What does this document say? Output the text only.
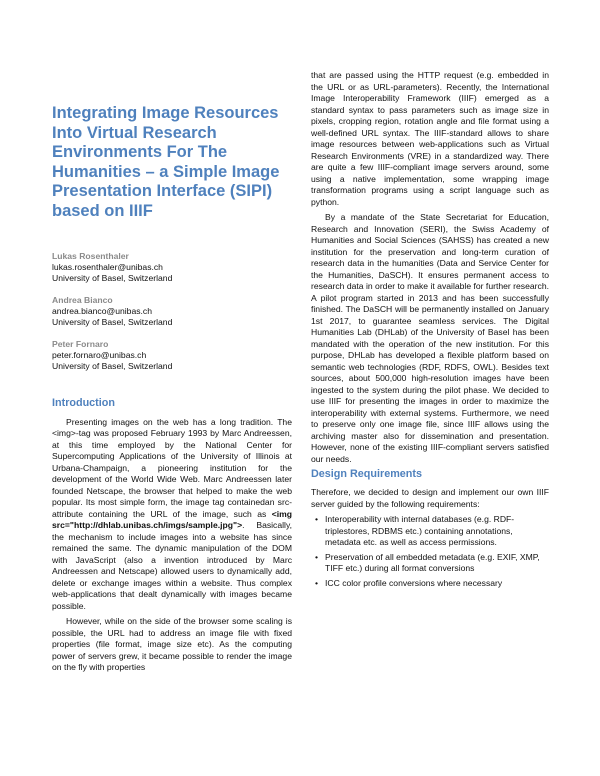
Integrating Image Resources Into Virtual Research Environments For The Humanities – a Simple Image Presentation Interface (SIPI) based on IIIF
Lukas Rosenthaler
lukas.rosenthaler@unibas.ch
University of Basel, Switzerland
Andrea Bianco
andrea.bianco@unibas.ch
University of Basel, Switzerland
Peter Fornaro
peter.fornaro@unibas.ch
University of Basel, Switzerland
Introduction

Presenting images on the web has a long tradition. The <img>-tag was proposed February 1993 by Marc Andreessen, at this time employed by the National Center for Supercomputing Applications of the University of Illinois at Urbana-Champaign, a pioneering institution for the development of the World Wide Web. Marc Andreessen later founded Netscape, the browser that helped to make the web popular. Its most simple form, the image tag containedan src-attribute containing the URL of the image, such as <img src="http://dhlab.unibas.ch/imgs/sample.jpg">. Basically, the mechanism to include images into a website has since remained the same. The dynamic manipulation of the DOM with JavaScript (also a invention introduced by Marc Andreessen and Netscape) allowed users to dynamically add, delete or exchange images within a website. Thus complex web-applications that dealt dynamically with images became possible.

However, while on the side of the browser some scaling is possible, the URL had to address an image file with fixed properties (file format, image size etc). As the computing power of servers grew, it became possible to render the image on the fly with properties

that are passed using the HTTP request (e.g. embedded in the URL or as URL-parameters). Recently, the International Image Interoperability Framework (IIIF) emerged as a standard syntax to pass parameters such as image size in pixels, cropping region, rotation angle and file format using a well-defined URL syntax. The IIIF-standard allows to share image resources between web-applications such as Virtual Research Environments (VRE) in a standardized way. There are quite a few IIIF-compliant image servers around, some using a native implementation, some wrapping image transformation programs using a script language such as python.

By a mandate of the State Secretariat for Education, Research and Innovation (SERI), the Swiss Academy of Humanities and Social Sciences (SAHSS) has created a new institution for the preservation and long-term curation of research data in the humanities (Data and Service Center for the Humanities, DaSCH). It ensures permanent access to research data in order to make it available for further research. A pilot program started in 2013 and has been successfully finished. The DaSCH will be permanently installed on January 1st 2017, to guarantee seamless services. The Digital Humanities Lab (DHLab) of the University of Basel has been mandated with the operation of the new institution. For this purpose, DHLab has developed a flexible platform based on semantic web technologies (RDF, RDFS, OWL). Besides text sources, about 500,000 high-resolution images have been ingested to the system during the pilot phase. We decided to use IIIF for presenting the images in order to maximize the interoperability with external systems. Furthermore, we need to preserve only one image file, since IIIF allows using the archiving master also for dissemination and presentation. However, none of the existing IIIF-compliant servers satisfied our needs.

Design Requirements

Therefore, we decided to design and implement our own IIIF server guided by the following requirements:

• Interoperability with internal databases (e.g. RDF-triplestores, RDBMS etc.) containing annotations, metadata etc. as well as access permissions.
• Preservation of all embedded metadata (e.g. EXIF, XMP, TIFF etc.) during all format conversions
• ICC color profile conversions where necessary
